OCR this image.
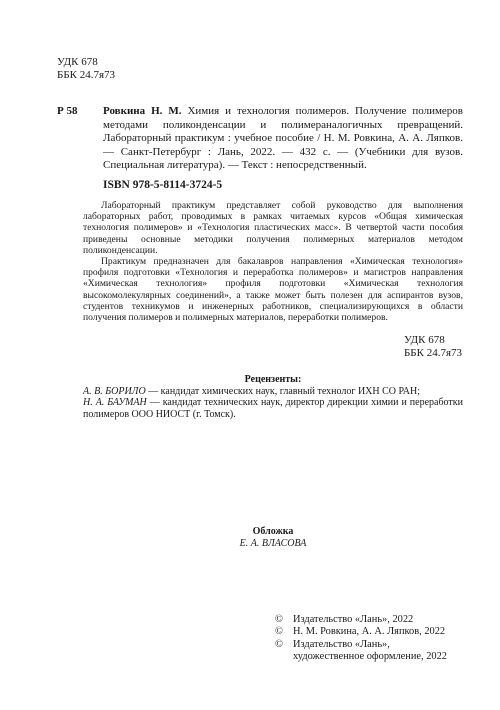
УДК 678
ББК 24.7я73
Р 58 Ровкина Н. М. Химия и технология полимеров. Получение полимеров методами поликонденсации и полимераналогичных превращений. Лабораторный практикум : учебное пособие / Н. М. Ровкина, А. А. Ляпков. — Санкт-Петербург : Лань, 2022. — 432 с. — (Учебники для вузов. Специальная литература). — Текст : непосредственный.
ISBN 978-5-8114-3724-5

Лабораторный практикум представляет собой руководство для выполнения лабораторных работ, проводимых в рамках читаемых курсов «Общая химическая технология полимеров» и «Технология пластических масс». В четвертой части пособия приведены основные методики получения полимерных материалов методом поликонденсации.

Практикум предназначен для бакалавров направления «Химическая технология» профиля подготовки «Технология и переработка полимеров» и магистров направления «Химическая технология» профиля подготовки «Химическая технология высокомолекулярных соединений», а также может быть полезен для аспирантов вузов, студентов техникумов и инженерных работников, специализирующихся в области получения полимеров и полимерных материалов, переработки полимеров.

УДК 678
ББК 24.7я73
Рецензенты:
А. В. БОРИЛО — кандидат химических наук, главный технолог ИХН СО РАН;
Н. А. БАУМАН — кандидат технических наук, директор дирекции химии и переработки полимеров ООО НИОСТ (г. Томск).
Обложка
Е. А. ВЛАСОВА
© Издательство «Лань», 2022
© Н. М. Ровкина, А. А. Ляпков, 2022
© Издательство «Лань»,
художественное оформление, 2022
